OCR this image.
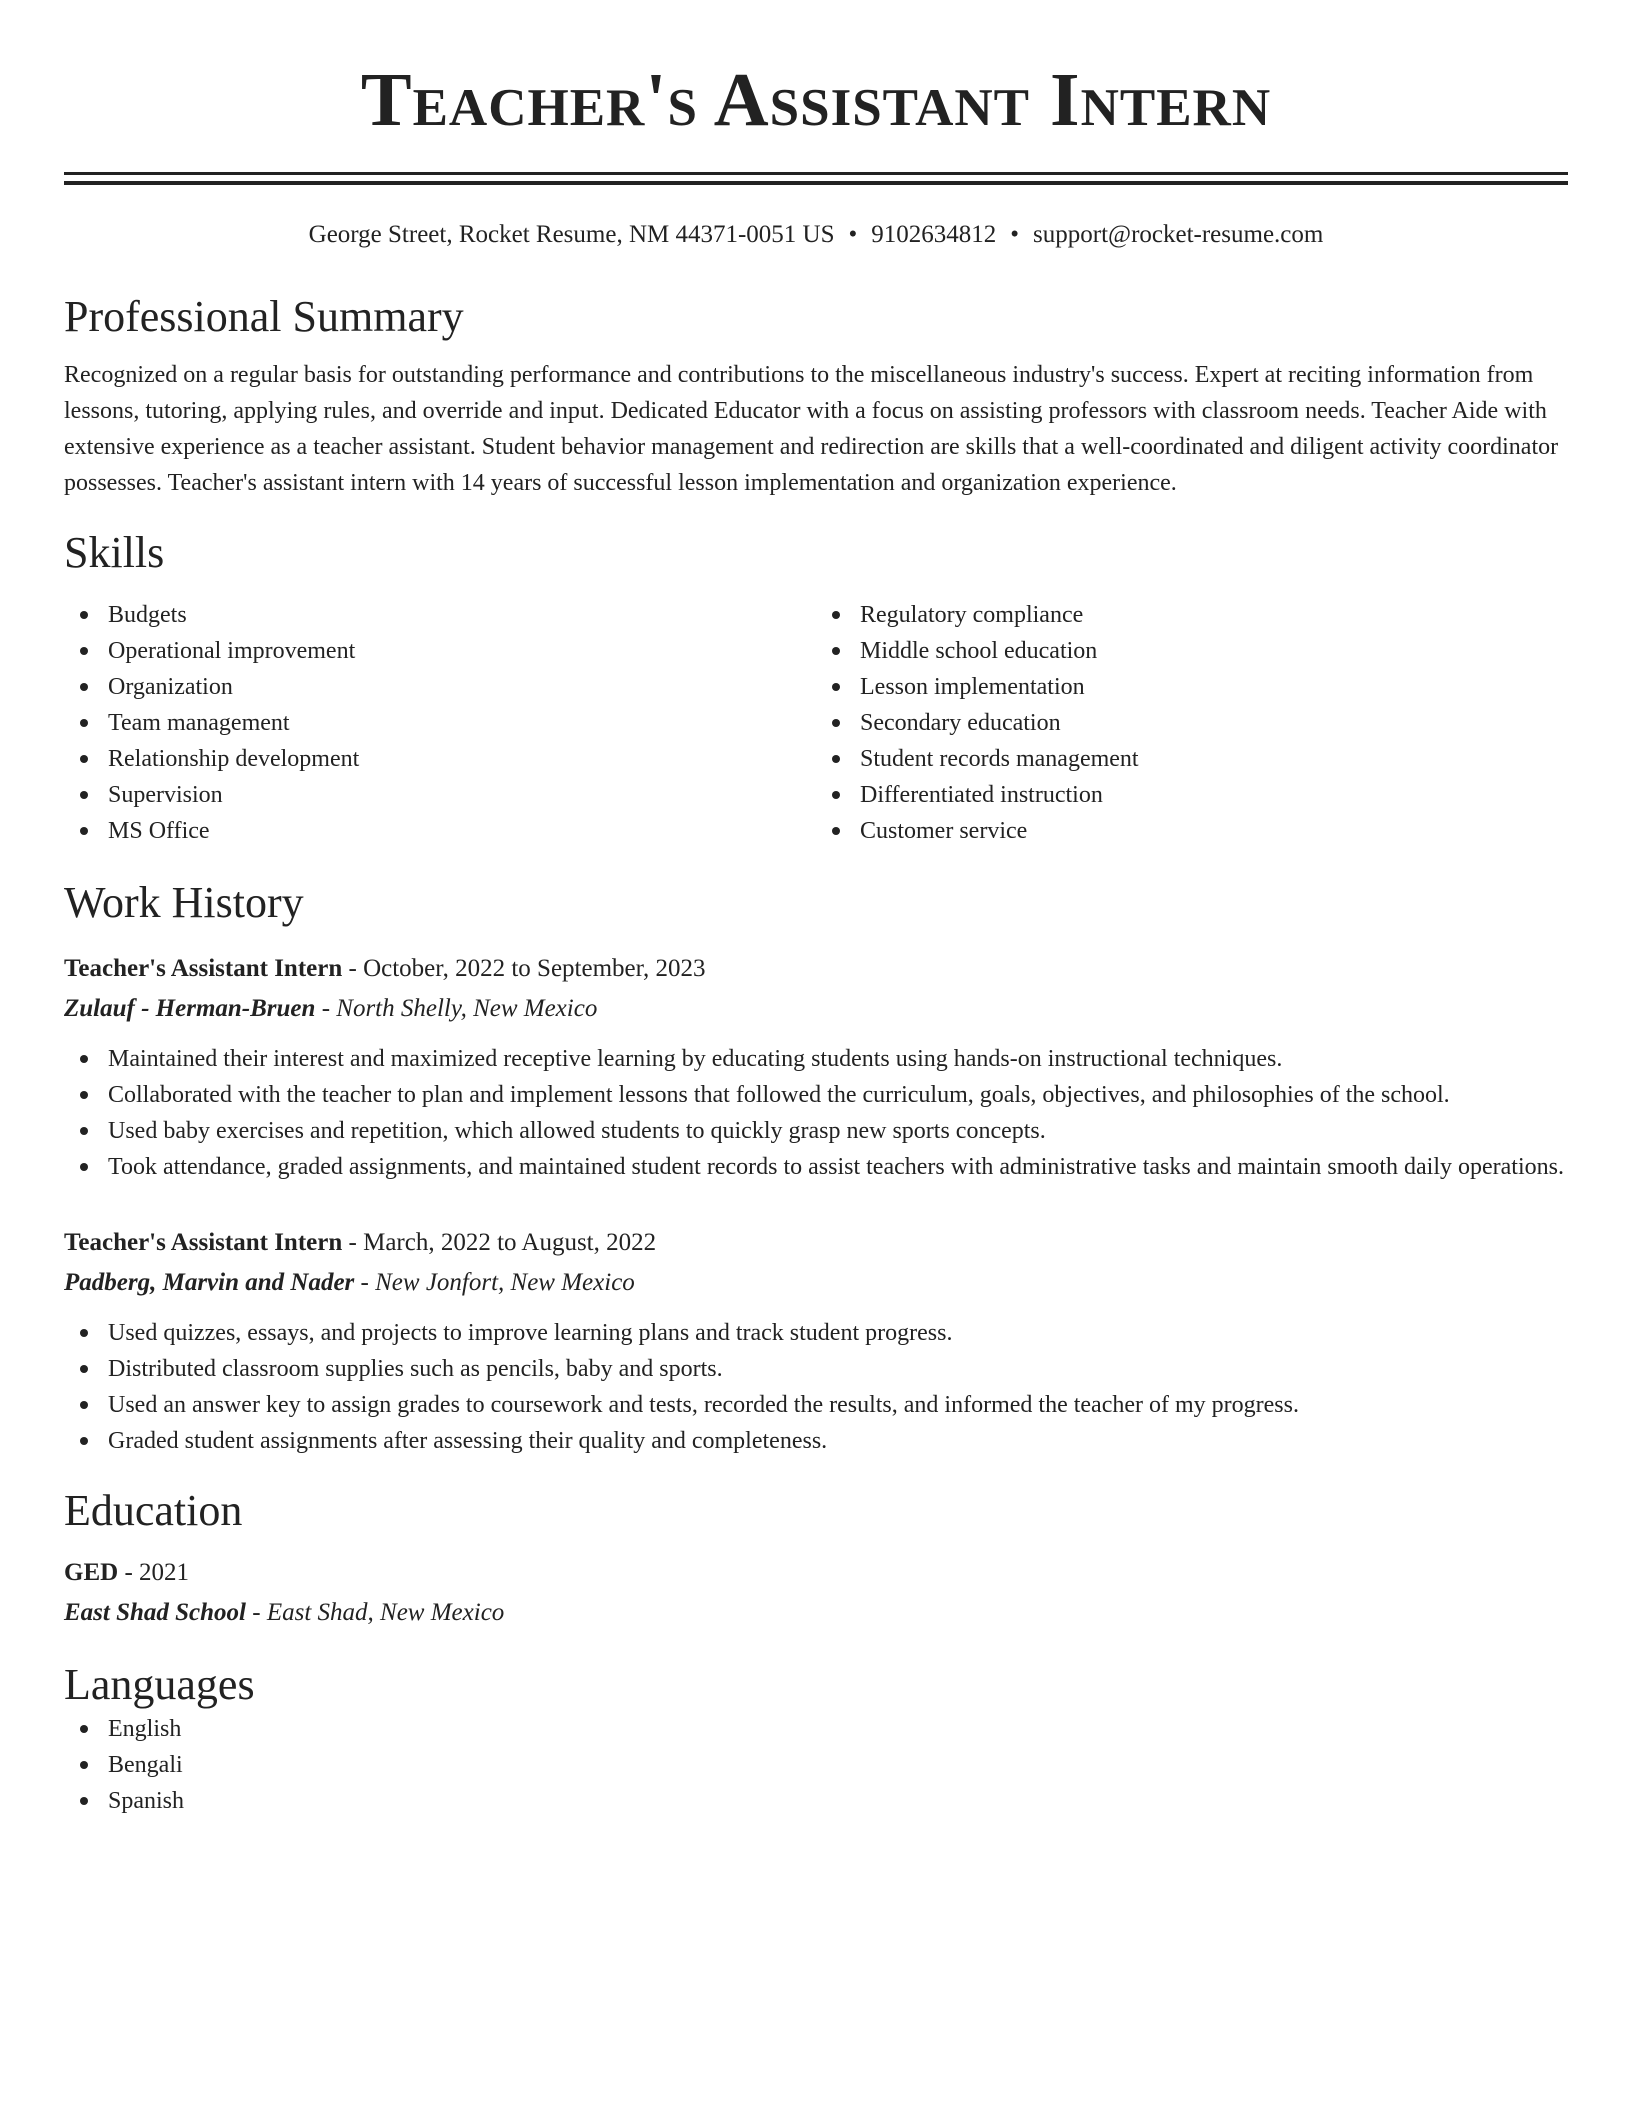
Teacher's Assistant Intern
George Street, Rocket Resume, NM 44371-0051 US • 9102634812 • support@rocket-resume.com
Professional Summary
Recognized on a regular basis for outstanding performance and contributions to the miscellaneous industry's success. Expert at reciting information from lessons, tutoring, applying rules, and override and input. Dedicated Educator with a focus on assisting professors with classroom needs. Teacher Aide with extensive experience as a teacher assistant. Student behavior management and redirection are skills that a well-coordinated and diligent activity coordinator possesses. Teacher's assistant intern with 14 years of successful lesson implementation and organization experience.
Skills
Budgets
Operational improvement
Organization
Team management
Relationship development
Supervision
MS Office
Regulatory compliance
Middle school education
Lesson implementation
Secondary education
Student records management
Differentiated instruction
Customer service
Work History
Teacher's Assistant Intern - October, 2022 to September, 2023
Zulauf - Herman-Bruen - North Shelly, New Mexico
Maintained their interest and maximized receptive learning by educating students using hands-on instructional techniques.
Collaborated with the teacher to plan and implement lessons that followed the curriculum, goals, objectives, and philosophies of the school.
Used baby exercises and repetition, which allowed students to quickly grasp new sports concepts.
Took attendance, graded assignments, and maintained student records to assist teachers with administrative tasks and maintain smooth daily operations.
Teacher's Assistant Intern - March, 2022 to August, 2022
Padberg, Marvin and Nader - New Jonfort, New Mexico
Used quizzes, essays, and projects to improve learning plans and track student progress.
Distributed classroom supplies such as pencils, baby and sports.
Used an answer key to assign grades to coursework and tests, recorded the results, and informed the teacher of my progress.
Graded student assignments after assessing their quality and completeness.
Education
GED - 2021
East Shad School - East Shad, New Mexico
Languages
English
Bengali
Spanish
